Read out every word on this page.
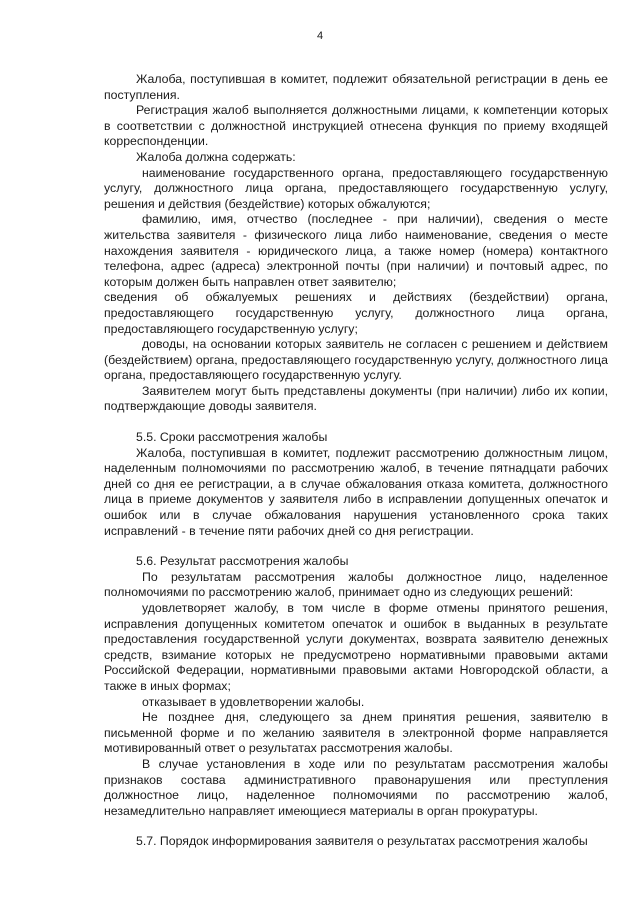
4

Жалоба, поступившая в комитет, подлежит обязательной регистрации в день ее поступления.

Регистрация жалоб выполняется должностными лицами, к компетенции которых в соответствии с должностной инструкцией отнесена функция по приему входящей корреспонденции.

Жалоба должна содержать:

наименование государственного органа, предоставляющего государственную услугу, должностного лица органа, предоставляющего государственную услугу, решения и действия (бездействие) которых обжалуются;

фамилию, имя, отчество (последнее - при наличии), сведения о месте жительства заявителя - физического лица либо наименование, сведения о месте нахождения заявителя - юридического лица, а также номер (номера) контактного телефона, адрес (адреса) электронной почты (при наличии) и почтовый адрес, по которым должен быть направлен ответ заявителю;

сведения об обжалуемых решениях и действиях (бездействии) органа, предоставляющего государственную услугу, должностного лица органа, предоставляющего государственную услугу;

доводы, на основании которых заявитель не согласен с решением и действием (бездействием) органа, предоставляющего государственную услугу, должностного лица органа, предоставляющего государственную услугу.

Заявителем могут быть представлены документы (при наличии) либо их копии, подтверждающие доводы заявителя.

5.5. Сроки рассмотрения жалобы

Жалоба, поступившая в комитет, подлежит рассмотрению должностным лицом, наделенным полномочиями по рассмотрению жалоб, в течение пятнадцати рабочих дней со дня ее регистрации, а в случае обжалования отказа комитета, должностного лица в приеме документов у заявителя либо в исправлении допущенных опечаток и ошибок или в случае обжалования нарушения установленного срока таких исправлений - в течение пяти рабочих дней со дня регистрации.

5.6. Результат рассмотрения жалобы

По результатам рассмотрения жалобы должностное лицо, наделенное полномочиями по рассмотрению жалоб, принимает одно из следующих решений:

удовлетворяет жалобу, в том числе в форме отмены принятого решения, исправления допущенных комитетом опечаток и ошибок в выданных в результате предоставления государственной услуги документах, возврата заявителю денежных средств, взимание которых не предусмотрено нормативными правовыми актами Российской Федерации, нормативными правовыми актами Новгородской области, а также в иных формах;

отказывает в удовлетворении жалобы.

Не позднее дня, следующего за днем принятия решения, заявителю в письменной форме и по желанию заявителя в электронной форме направляется мотивированный ответ о результатах рассмотрения жалобы.

В случае установления в ходе или по результатам рассмотрения жалобы признаков состава административного правонарушения или преступления должностное лицо, наделенное полномочиями по рассмотрению жалоб, незамедлительно направляет имеющиеся материалы в орган прокуратуры.

5.7. Порядок информирования заявителя о результатах рассмотрения жалобы
